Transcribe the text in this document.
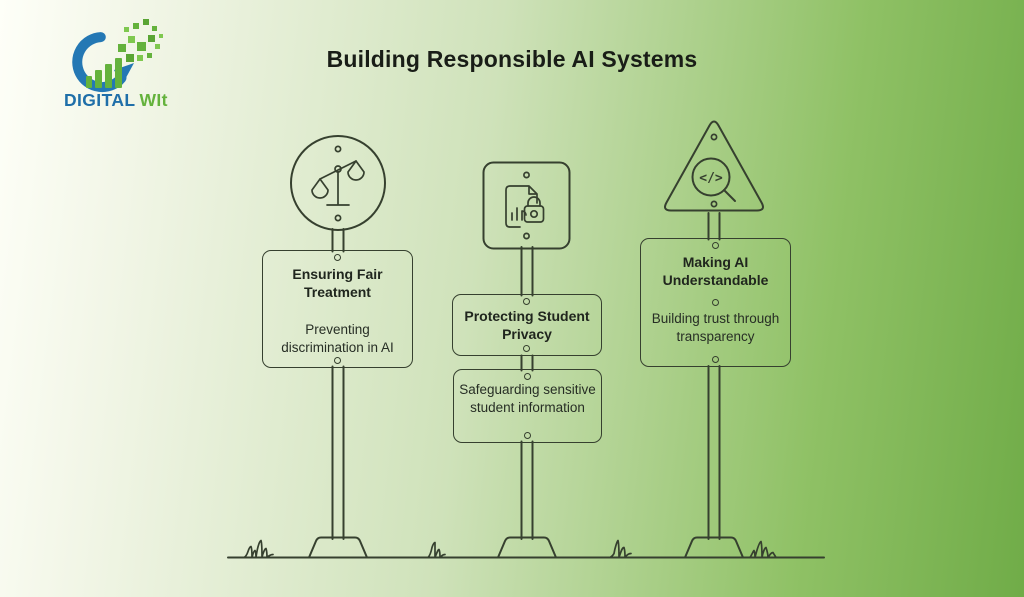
DIGITAL WIt
Building Responsible AI Systems
</>
Ensuring Fair Treatment
Preventing discrimination in AI
Protecting Student Privacy
Safeguarding sensitive student information
Making AI Understandable
Building trust through transparency
